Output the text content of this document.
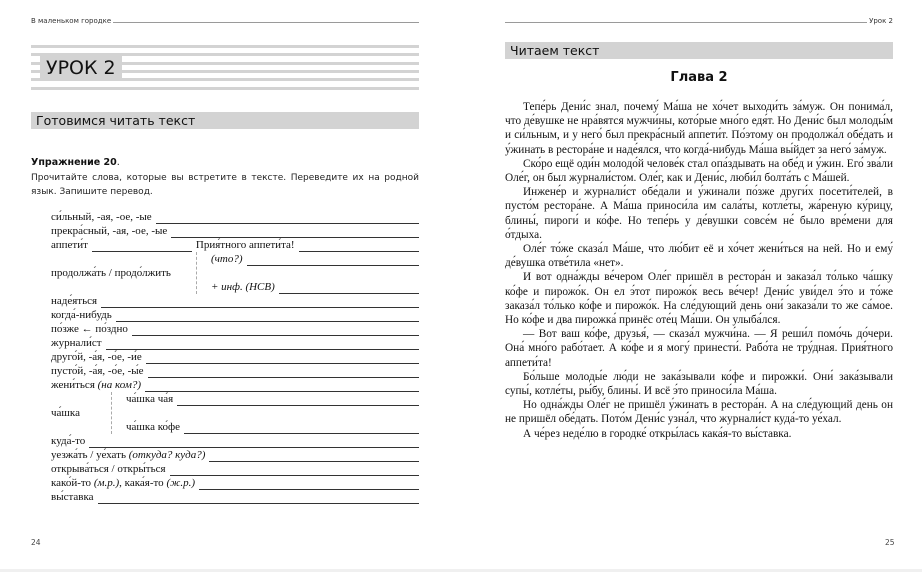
В маленьком городке
УРОК 2
Готовимся читать текст
Упражнение 20.
Прочитайте слова, которые вы встретите в тексте. Переведите их на родной язык. Запишите перевод.
си́льный, -ая, -ое, -ые
прекра́сный, -ая, -ое, -ые
аппети́т	Прия́тного аппети́та!
продолжа́ть / продо́лжить
(что?)
+ инф. (НСВ)
наде́яться
когда́-нибудь
по́зже ← по́здно
журнали́ст
друго́й, -а́я, -о́е, -и́е
пусто́й, -а́я, -о́е, -ы́е
жени́ться
(на ком?)
ча́шка
ча́шка ча́я
ча́шка ко́фе
куда́-то
уезжа́ть / уе́хать
(откуда? куда?)
открыва́ться / откры́ться
како́й-то
(м.р.) , кака́я-то
(ж.р.)
вы́ставка
24
Урок 2
Читаем текст
Глава 2

Тепе́рь Дени́с знал, почему́ Ма́ша не хо́чет выходи́ть за́муж. Он понима́л, что де́вушке не нра́вятся мужчи́ны, кото́рые мно́го едя́т. Но Дени́с был молоды́м и си́льным, и у него́ был прекра́сный аппети́т. По́этому он продолжа́л обе́дать и у́жинать в рестора́не и наде́ялся, что когда́-нибудь Ма́ша вы́йдет за него́ за́муж.

Ско́ро ещё оди́н молодо́й челове́к стал опа́здывать на обе́д и у́жин. Его́ зва́ли Оле́г, он был журнали́стом. Оле́г, как и Дени́с, люби́л болта́ть с Ма́шей.

Инжене́р и журнали́ст обе́дали и у́жинали по́зже други́х посети́телей, в пусто́м рестора́не. А Ма́ша приноси́ла им сала́ты, котле́ты, жа́реную ку́рицу, блины́, пироги́ и ко́фе. Но тепе́рь у де́вушки совсе́м не́ было вре́мени для о́тдыха.

Оле́г то́же сказа́л Ма́ше, что лю́бит её и хо́чет жени́ться на ней. Но и ему́ де́вушка отве́тила «нет».

И вот одна́жды ве́чером Оле́г пришёл в рестора́н и заказа́л то́лько ча́шку ко́фе и пирожо́к. Он ел э́тот пирожо́к весь ве́чер! Дени́с уви́дел э́то и то́же заказа́л то́лько ко́фе и пирожо́к. На сле́дующий день они́ заказа́ли то же са́мое. Но ко́фе и два пирожка́ принёс оте́ц Ма́ши. Он улыба́лся.

— Вот ваш ко́фе, друзья́, — сказа́л мужчи́на. — Я реши́л помо́чь до́чери. Она́ мно́го рабо́тает. А ко́фе и я могу́ принести́. Рабо́та не тру́дная. Прия́тного аппети́та!

Бо́льше молоды́е лю́ди не зака́зывали ко́фе и пирожки́. Они́ зака́зывали супы́, котле́ты, ры́бу, блины́. И всё э́то приноси́ла Ма́ша.

Но одна́жды Оле́г не пришёл у́жинать в рестора́н. А на сле́дующий день он не пришёл обе́дать. Пото́м Дени́с узна́л, что журнали́ст куда́-то уе́хал.

А че́рез неде́лю в городке́ откры́лась кака́я-то вы́ставка.

25
